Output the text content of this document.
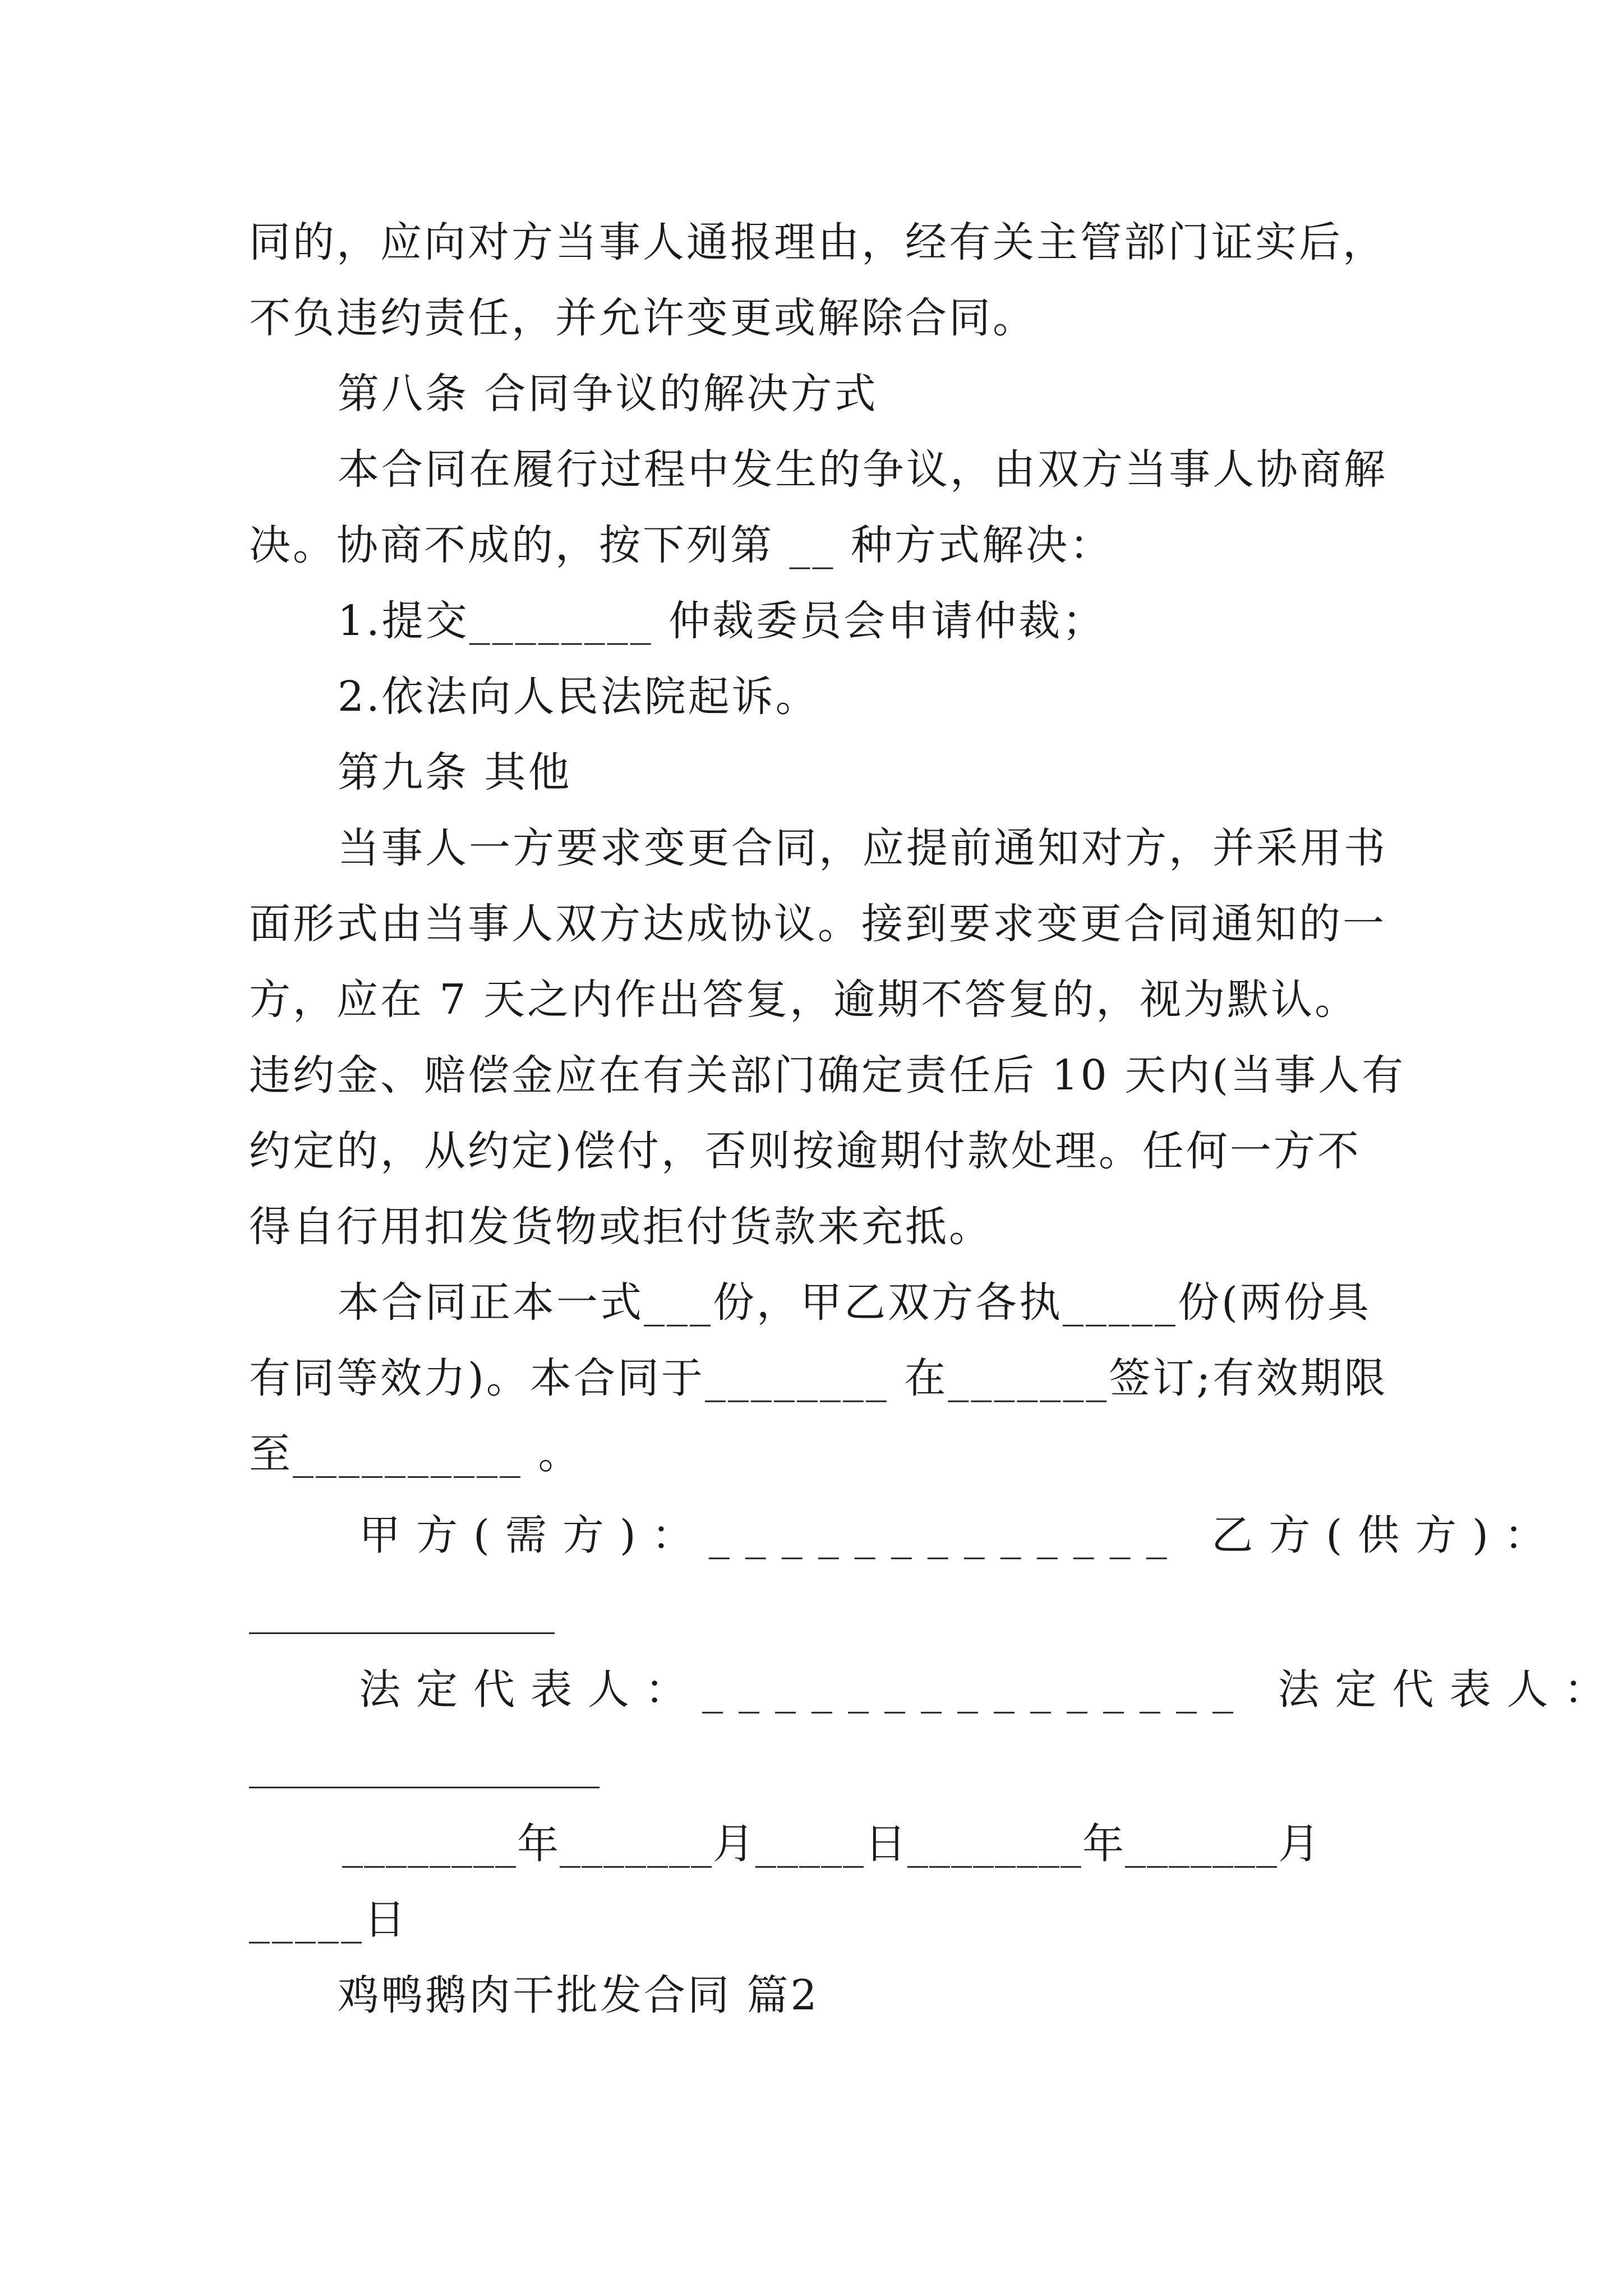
同的，应向对方当事人通报理由，经有关主管部门证实后，
不负违约责任，并允许变更或解除合同。
第八条 合同争议的解决方式
本合同在履行过程中发生的争议，由双方当事人协商解
决。协商不成的，按下列第 __ 种方式解决：
1.提交________ 仲裁委员会申请仲裁；
2.依法向人民法院起诉。
第九条 其他
当事人一方要求变更合同，应提前通知对方，并采用书
面形式由当事人双方达成协议。接到要求变更合同通知的一
方，应在 7 天之内作出答复，逾期不答复的，视为默认。
违约金、赔偿金应在有关部门确定责任后 10 天内(当事人有
约定的，从约定)偿付，否则按逾期付款处理。任何一方不
得自行用扣发货物或拒付货款来充抵。
本合同正本一式___份，甲乙双方各执_____份(两份具
有同等效力)。本合同于________ 在_______签订;有效期限
至__________ 。
甲方(需方)：_____________ 乙方(供方)：
法定代表人：_______________ 法定代表人：
________年_______月_____日________年_______月
_____日
鸡鸭鹅肉干批发合同 篇2
